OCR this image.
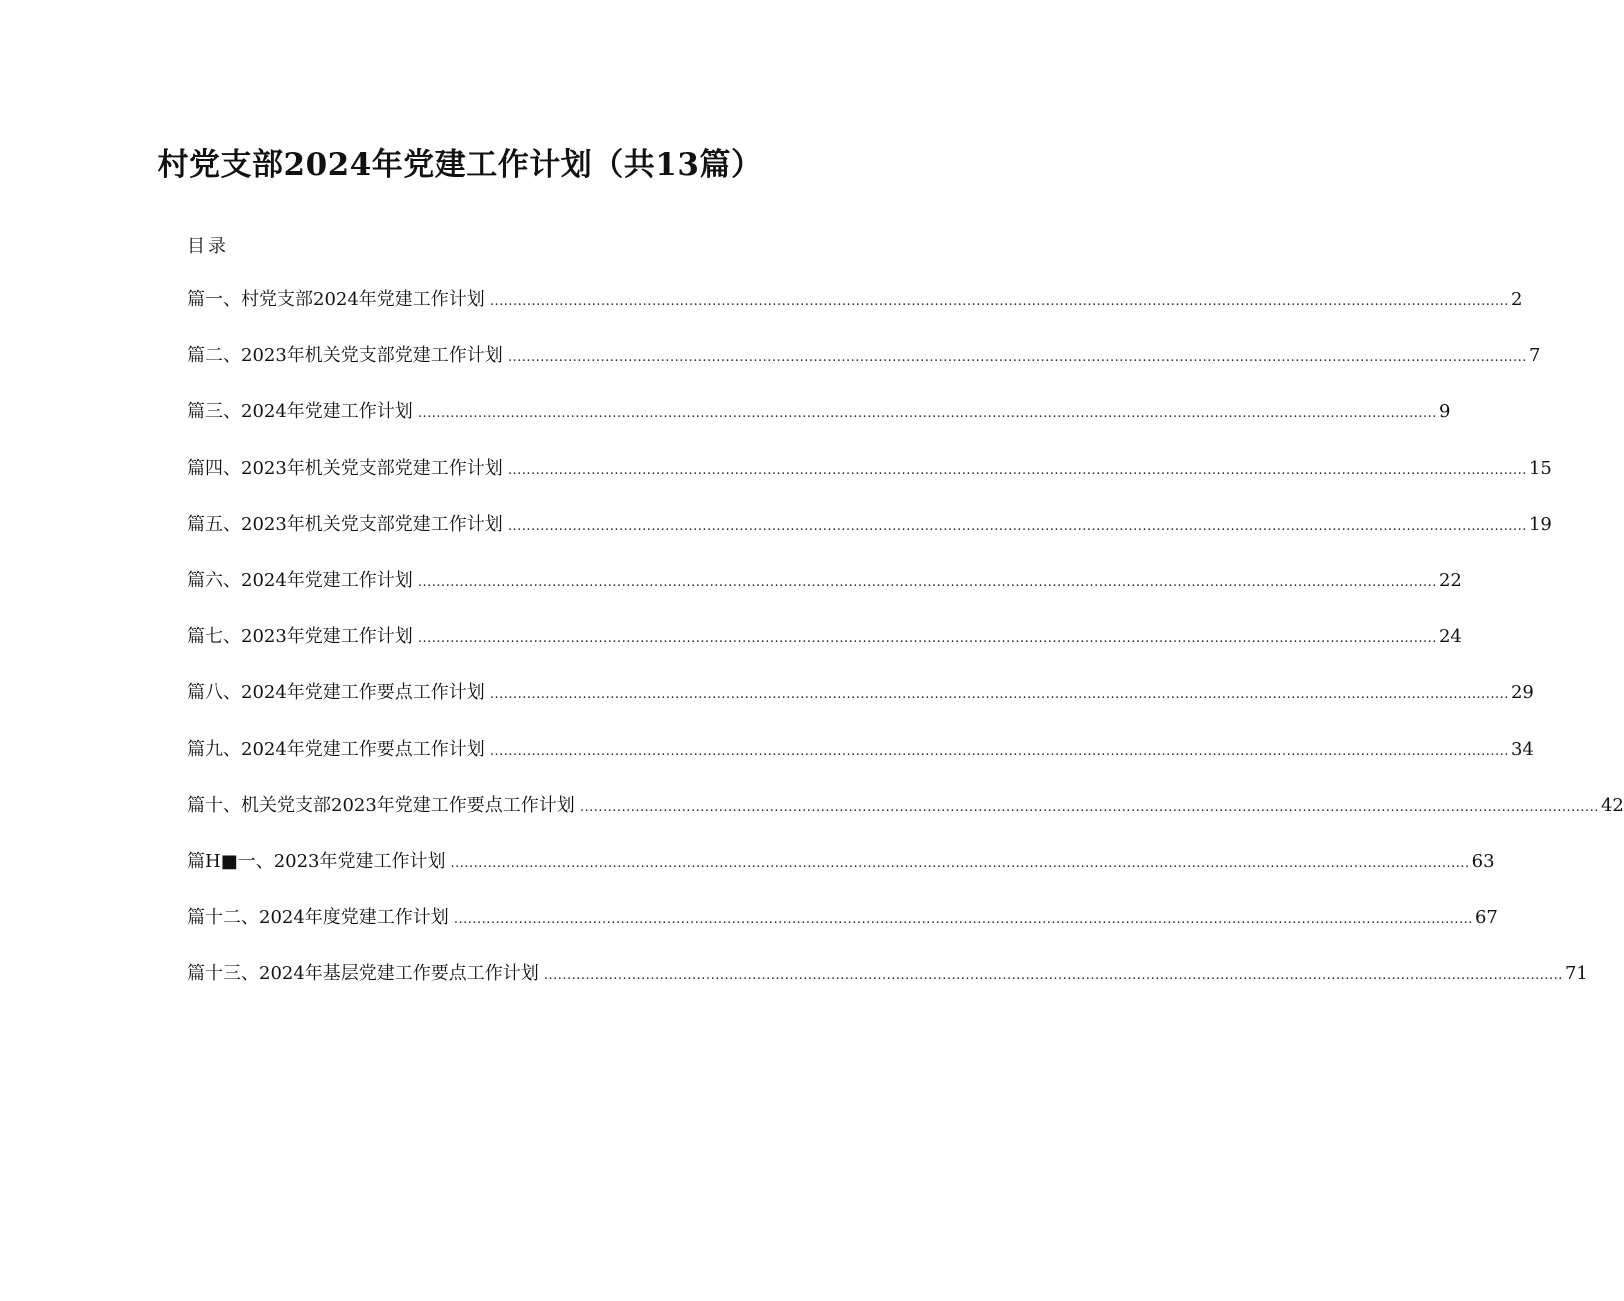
村党支部2024年党建工作计划（共13篇）
目录
篇一、村党支部2024年党建工作计划 ............................................................................................................................................................................................................................ 2
篇二、2023年机关党支部党建工作计划 ............................................................................................................................................................................................................................ 7
篇三、2024年党建工作计划 ............................................................................................................................................................................................................................ 9
篇四、2023年机关党支部党建工作计划 ............................................................................................................................................................................................................................ 15
篇五、2023年机关党支部党建工作计划 ............................................................................................................................................................................................................................ 19
篇六、2024年党建工作计划 ............................................................................................................................................................................................................................ 22
篇七、2023年党建工作计划 ............................................................................................................................................................................................................................ 24
篇八、2024年党建工作要点工作计划 ............................................................................................................................................................................................................................ 29
篇九、2024年党建工作要点工作计划 ............................................................................................................................................................................................................................ 34
篇十、机关党支部2023年党建工作要点工作计划 ............................................................................................................................................................................................................................ 42
篇H■一、2023年党建工作计划 ............................................................................................................................................................................................................................ 63
篇十二、2024年度党建工作计划 ............................................................................................................................................................................................................................ 67
篇十三、2024年基层党建工作要点工作计划 ............................................................................................................................................................................................................................ 71
